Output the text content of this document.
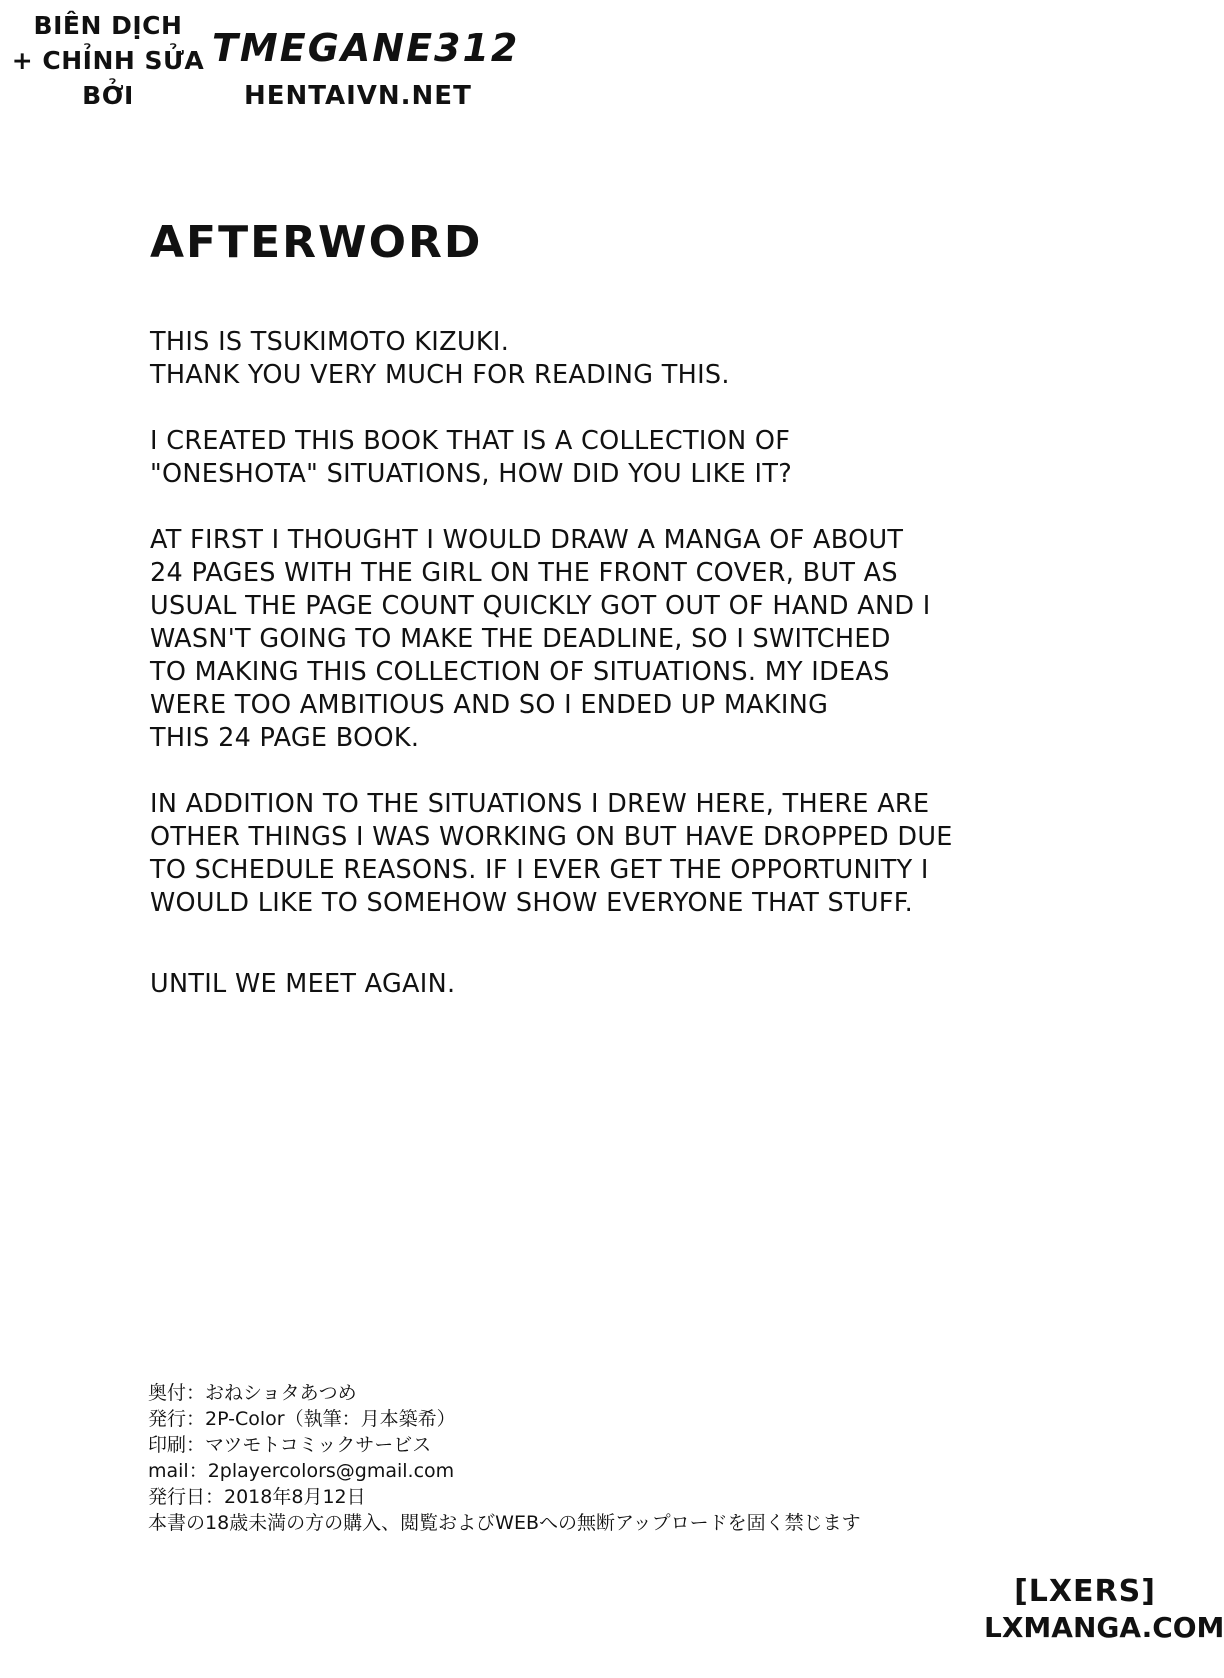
BIÊN DỊCH
+ CHỈNH SỬA
BỞI
TMEGANE312
HENTAIVN.NET
AFTERWORD
THIS IS TSUKIMOTO KIZUKI.
THANK YOU VERY MUCH FOR READING THIS.
I CREATED THIS BOOK THAT IS A COLLECTION OF
"ONESHOTA" SITUATIONS, HOW DID YOU LIKE IT?
AT FIRST I THOUGHT I WOULD DRAW A MANGA OF ABOUT
24 PAGES WITH THE GIRL ON THE FRONT COVER, BUT AS
USUAL THE PAGE COUNT QUICKLY GOT OUT OF HAND AND I
WASN'T GOING TO MAKE THE DEADLINE, SO I SWITCHED
TO MAKING THIS COLLECTION OF SITUATIONS. MY IDEAS
WERE TOO AMBITIOUS AND SO I ENDED UP MAKING
THIS 24 PAGE BOOK.
IN ADDITION TO THE SITUATIONS I DREW HERE, THERE ARE
OTHER THINGS I WAS WORKING ON BUT HAVE DROPPED DUE
TO SCHEDULE REASONS. IF I EVER GET THE OPPORTUNITY I
WOULD LIKE TO SOMEHOW SHOW EVERYONE THAT STUFF.
UNTIL WE MEET AGAIN.
奥付：おねショタあつめ
発行：2P-Color（執筆：月本築希）
印刷：マツモトコミックサービス
mail：2playercolors@gmail.com
発行日：2018年8月12日
本書の18歳未満の方の購入、閲覧およびWEBへの無断アップロードを固く禁じます
[LXERS]
LXMANGA.COM
